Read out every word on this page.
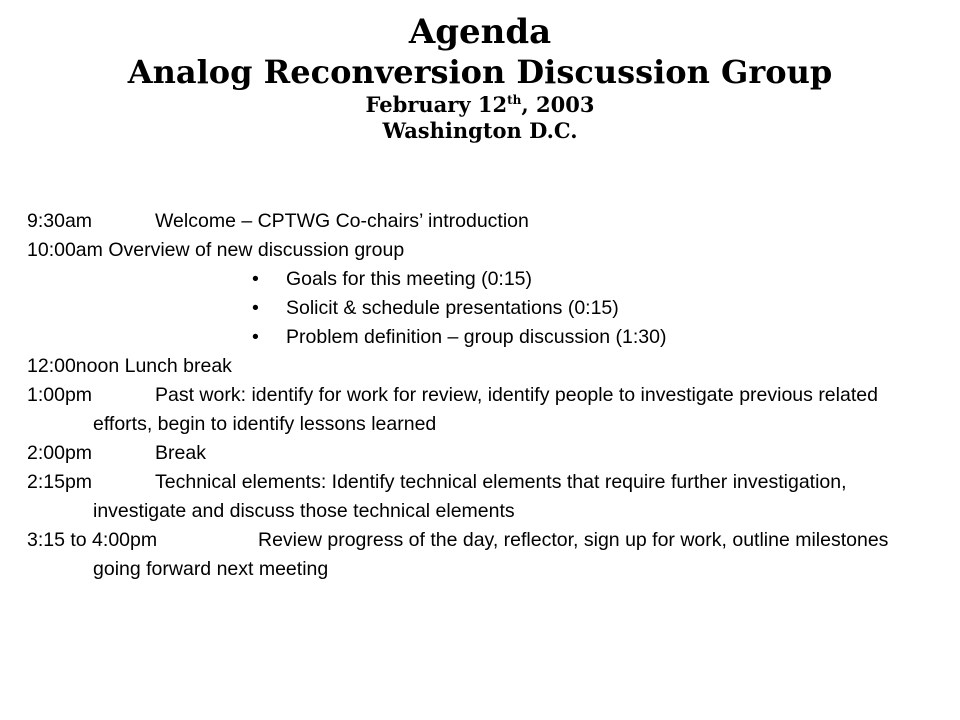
Agenda
Analog Reconversion Discussion Group
February 12th, 2003
Washington D.C.
9:30am	Welcome – CPTWG Co-chairs’ introduction
10:00am Overview of new discussion group
• Goals for this meeting (0:15)
• Solicit & schedule presentations (0:15)
• Problem definition – group discussion (1:30)
12:00noon Lunch break
1:00pm	Past work: identify for work for review, identify people to investigate previous related efforts, begin to identify lessons learned
2:00pm	Break
2:15pm	Technical elements: Identify technical elements that require further investigation, investigate and discuss those technical elements
3:15 to 4:00pm	Review progress of the day, reflector, sign up for work, outline milestones going forward next meeting
